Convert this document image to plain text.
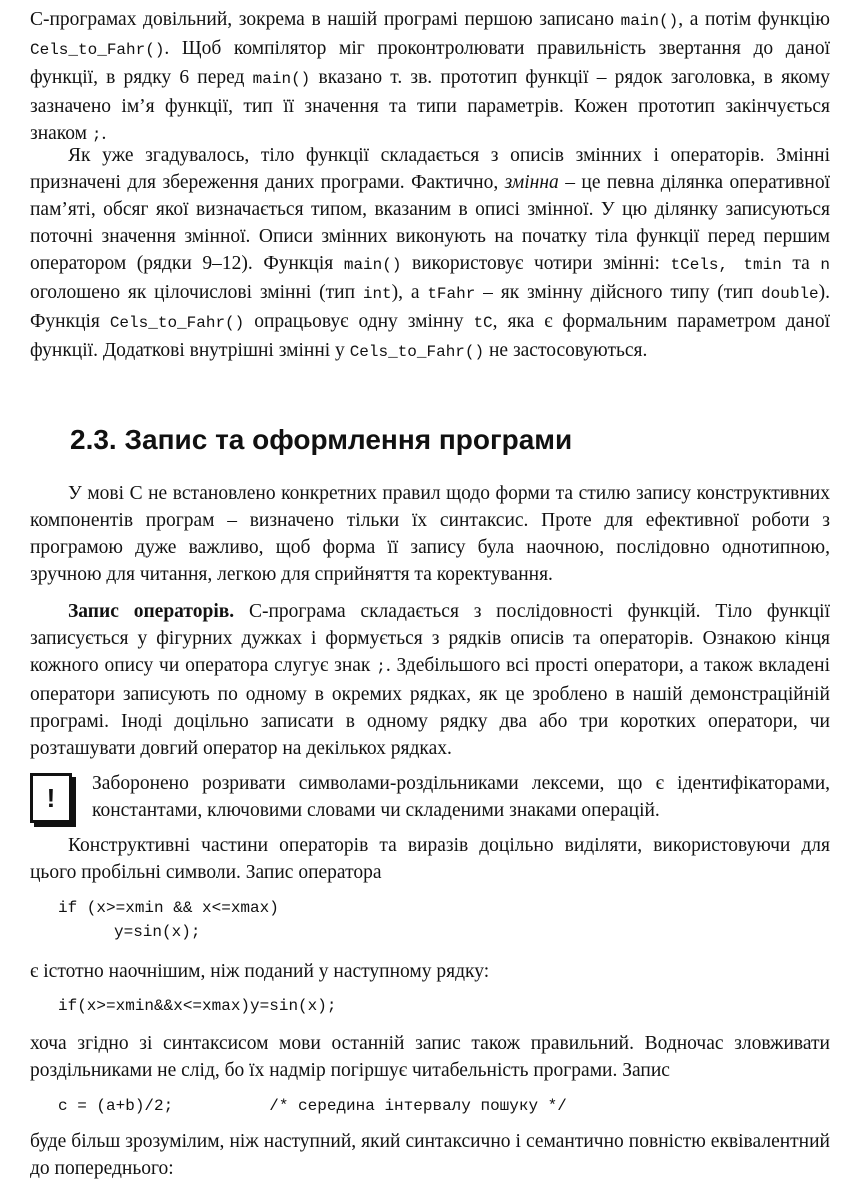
С-програмах довільний, зокрема в нашій програмі першою записано main(), а потім функцію Cels_to_Fahr(). Щоб компілятор міг проконтролювати правильність звертання до даної функції, в рядку 6 перед main() вказано т. зв. прототип функції – рядок заголовка, в якому зазначено ім’я функції, тип її значення та типи параметрів. Кожен прототип закінчується знаком ;.

Як уже згадувалось, тіло функції складається з описів змінних і операторів. Змінні призначені для збереження даних програми. Фактично, змінна – це певна ділянка оперативної пам’яті, обсяг якої визначається типом, вказаним в описі змінної. У цю ділянку записуються поточні значення змінної. Описи змінних виконують на початку тіла функції перед першим оператором (рядки 9–12). Функція main() використовує чотири змінні: tCels, tmin та n оголошено як цілочислові змінні (тип int), а tFahr – як змінну дійсного типу (тип double). Функція Cels_to_Fahr() опрацьовує одну змінну tC, яка є формальним параметром даної функції. Додаткові внутрішні змінні у Cels_to_Fahr() не застосовуються.

2.3. Запис та оформлення програми

У мові С не встановлено конкретних правил щодо форми та стилю запису конструктивних компонентів програм – визначено тільки їх синтаксис. Проте для ефективної роботи з програмою дуже важливо, щоб форма її запису була наочною, послідовно однотипною, зручною для читання, легкою для сприйняття та коректування.

Запис операторів. С-програма складається з послідовності функцій. Тіло функції записується у фігурних дужках і формується з рядків описів та операторів. Ознакою кінця кожного опису чи оператора слугує знак ;. Здебільшого всі прості оператори, а також вкладені оператори записують по одному в окремих рядках, як це зроблено в нашій демонстраційній програмі. Іноді доцільно записати в одному рядку два або три коротких оператори, чи розташувати довгий оператор на декількох рядках.

!	Заборонено розривати символами-роздільниками лексеми, що є ідентифікаторами, константами, ключовими словами чи складеними знаками операцій.

Конструктивні частини операторів та виразів доцільно виділяти, використовуючи для цього пробільні символи. Запис оператора

if (x>=xmin && x<=xmax)
y=sin(x);

є істотно наочнішим, ніж поданий у наступному рядку:

if(x>=xmin&&x<=xmax)y=sin(x);

хоча згідно зі синтаксисом мови останній запис також правильний. Водночас зловживати роздільниками не слід, бо їх надмір погіршує читабельність програми. Запис

c = (a+b)/2;          /* середина інтервалу пошуку */

буде більш зрозумілим, ніж наступний, який синтаксично і семантично повністю еквівалентний до попереднього:
